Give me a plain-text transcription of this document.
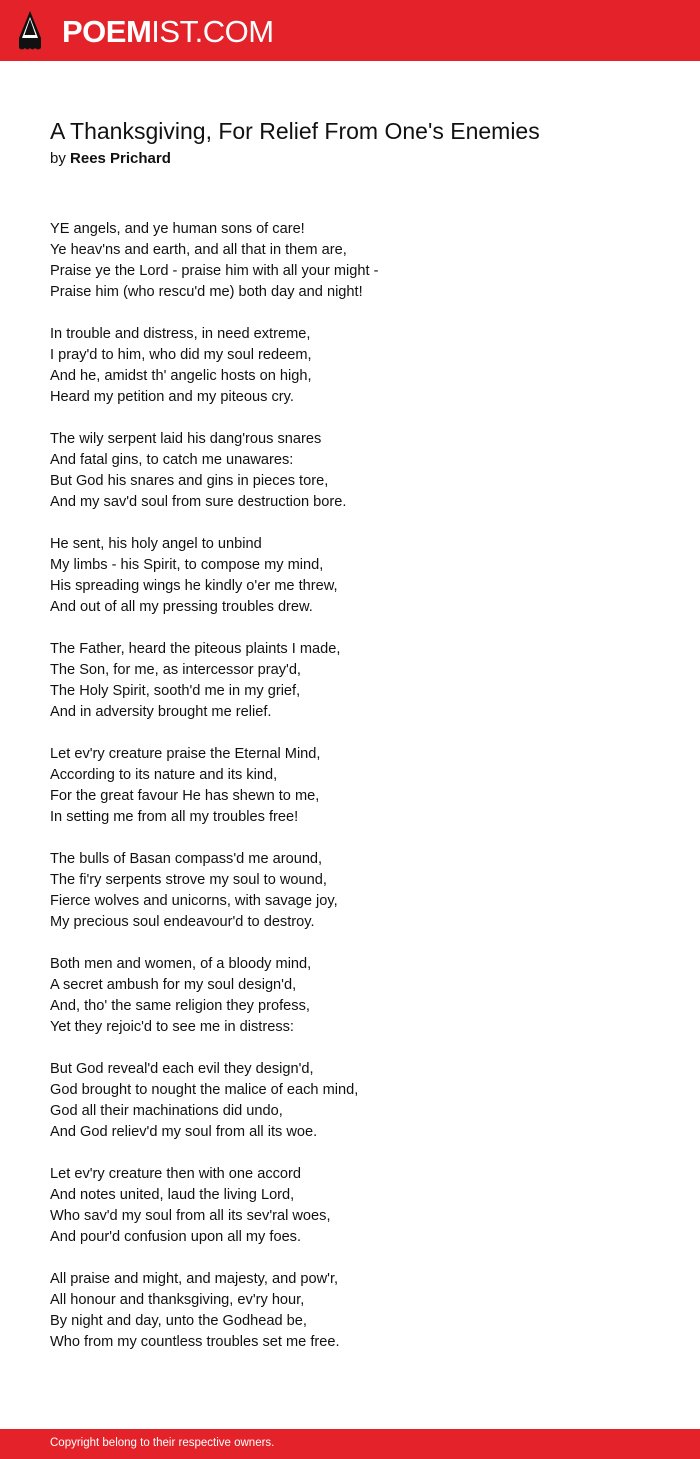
POEMIST.COM
A Thanksgiving, For Relief From One's Enemies
by Rees Prichard
YE angels, and ye human sons of care!
Ye heav'ns and earth, and all that in them are,
Praise ye the Lord - praise him with all your might -
Praise him (who rescu'd me) both day and night!
In trouble and distress, in need extreme,
I pray'd to him, who did my soul redeem,
And he, amidst th' angelic hosts on high,
Heard my petition and my piteous cry.
The wily serpent laid his dang'rous snares
And fatal gins, to catch me unawares:
But God his snares and gins in pieces tore,
And my sav'd soul from sure destruction bore.
He sent, his holy angel to unbind
My limbs - his Spirit, to compose my mind,
His spreading wings he kindly o'er me threw,
And out of all my pressing troubles drew.
The Father, heard the piteous plaints I made,
The Son, for me, as intercessor pray'd,
The Holy Spirit, sooth'd me in my grief,
And in adversity brought me relief.
Let ev'ry creature praise the Eternal Mind,
According to its nature and its kind,
For the great favour He has shewn to me,
In setting me from all my troubles free!
The bulls of Basan compass'd me around,
The fi'ry serpents strove my soul to wound,
Fierce wolves and unicorns, with savage joy,
My precious soul endeavour'd to destroy.
Both men and women, of a bloody mind,
A secret ambush for my soul design'd,
And, tho' the same religion they profess,
Yet they rejoic'd to see me in distress:
But God reveal'd each evil they design'd,
God brought to nought the malice of each mind,
God all their machinations did undo,
And God reliev'd my soul from all its woe.
Let ev'ry creature then with one accord
And notes united, laud the living Lord,
Who sav'd my soul from all its sev'ral woes,
And pour'd confusion upon all my foes.
All praise and might, and majesty, and pow'r,
All honour and thanksgiving, ev'ry hour,
By night and day, unto the Godhead be,
Who from my countless troubles set me free.
Copyright belong to their respective owners.
